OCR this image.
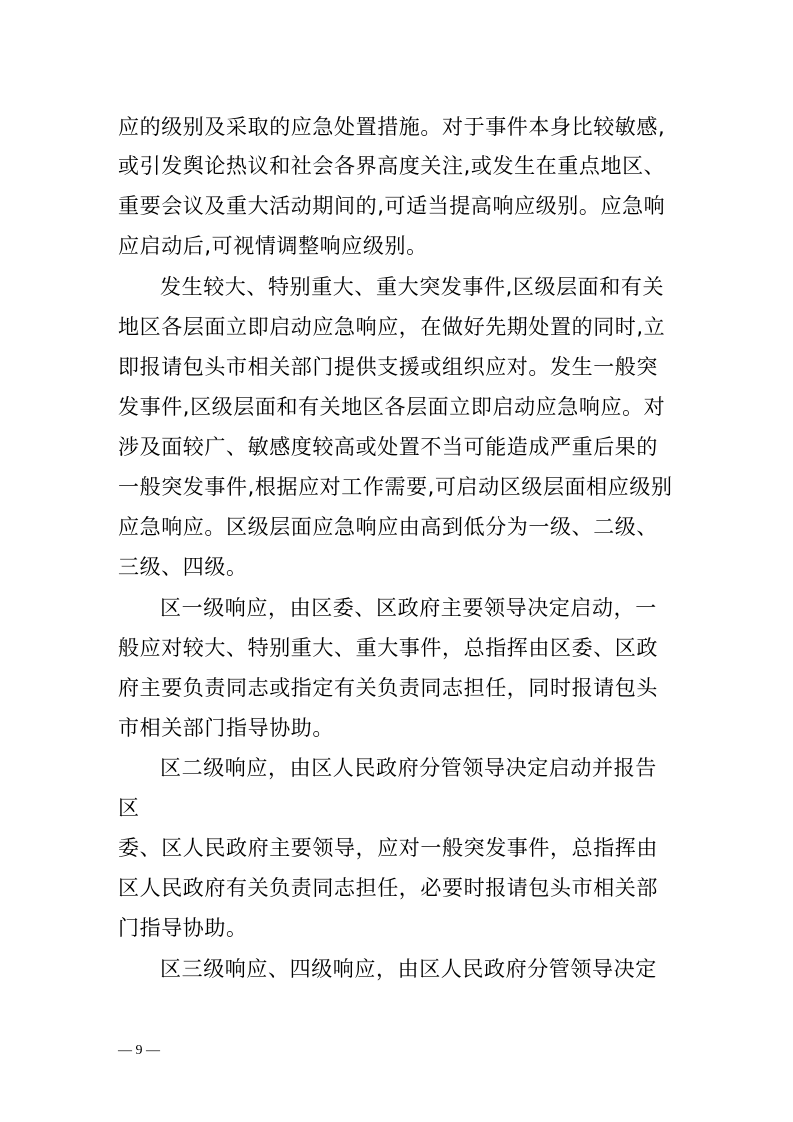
应的级别及采取的应急处置措施。对于事件本身比较敏感,
或引发舆论热议和社会各界高度关注,或发生在重点地区、
重要会议及重大活动期间的,可适当提高响应级别。应急响
应启动后,可视情调整响应级别。
发生较大、特别重大、重大突发事件,区级层面和有关
地区各层面立即启动应急响应，在做好先期处置的同时,立
即报请包头市相关部门提供支援或组织应对。发生一般突
发事件,区级层面和有关地区各层面立即启动应急响应。对
涉及面较广、敏感度较高或处置不当可能造成严重后果的
一般突发事件,根据应对工作需要,可启动区级层面相应级别
应急响应。区级层面应急响应由高到低分为一级、二级、
三级、四级。
区一级响应，由区委、区政府主要领导决定启动，一
般应对较大、特别重大、重大事件，总指挥由区委、区政
府主要负责同志或指定有关负责同志担任，同时报请包头
市相关部门指导协助。
区二级响应，由区人民政府分管领导决定启动并报告
区
委、区人民政府主要领导，应对一般突发事件，总指挥由
区人民政府有关负责同志担任，必要时报请包头市相关部
门指导协助。
区三级响应、四级响应，由区人民政府分管领导决定
— 9 —
